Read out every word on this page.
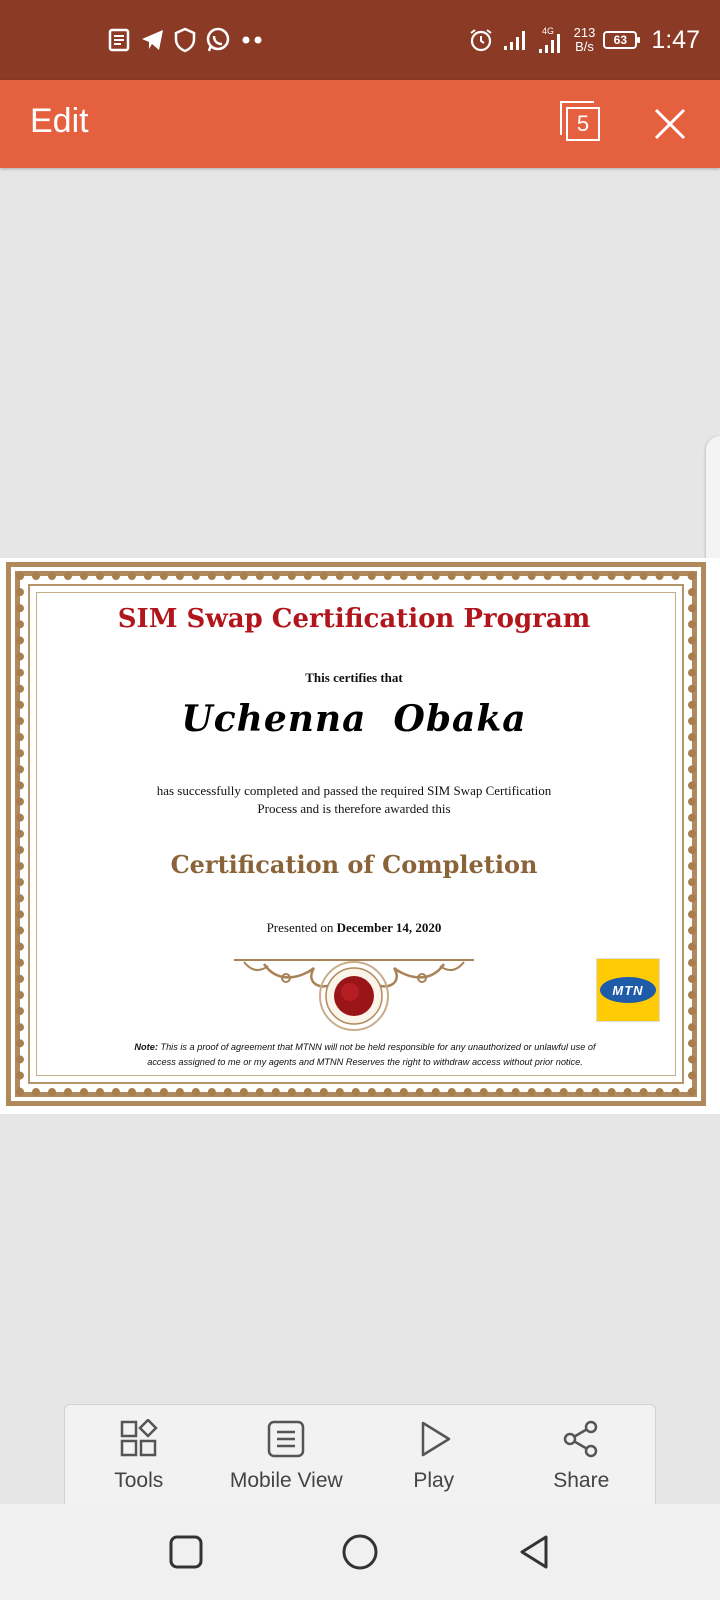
4G 213
B/s 63 1:47
Edit	5
SIM Swap Certification Program
This certifies that
Uchenna  Obaka
has successfully completed and passed the required SIM Swap Certification
Process and is therefore awarded this
Certification of Completion
Presented on December 14, 2020
MTN
Note: This is a proof of agreement that MTNN will not be held responsible for any unauthorized or unlawful use of
access assigned to me or my agents and MTNN Reserves the right to withdraw access without prior notice.
Tools	Mobile View	Play	Share
